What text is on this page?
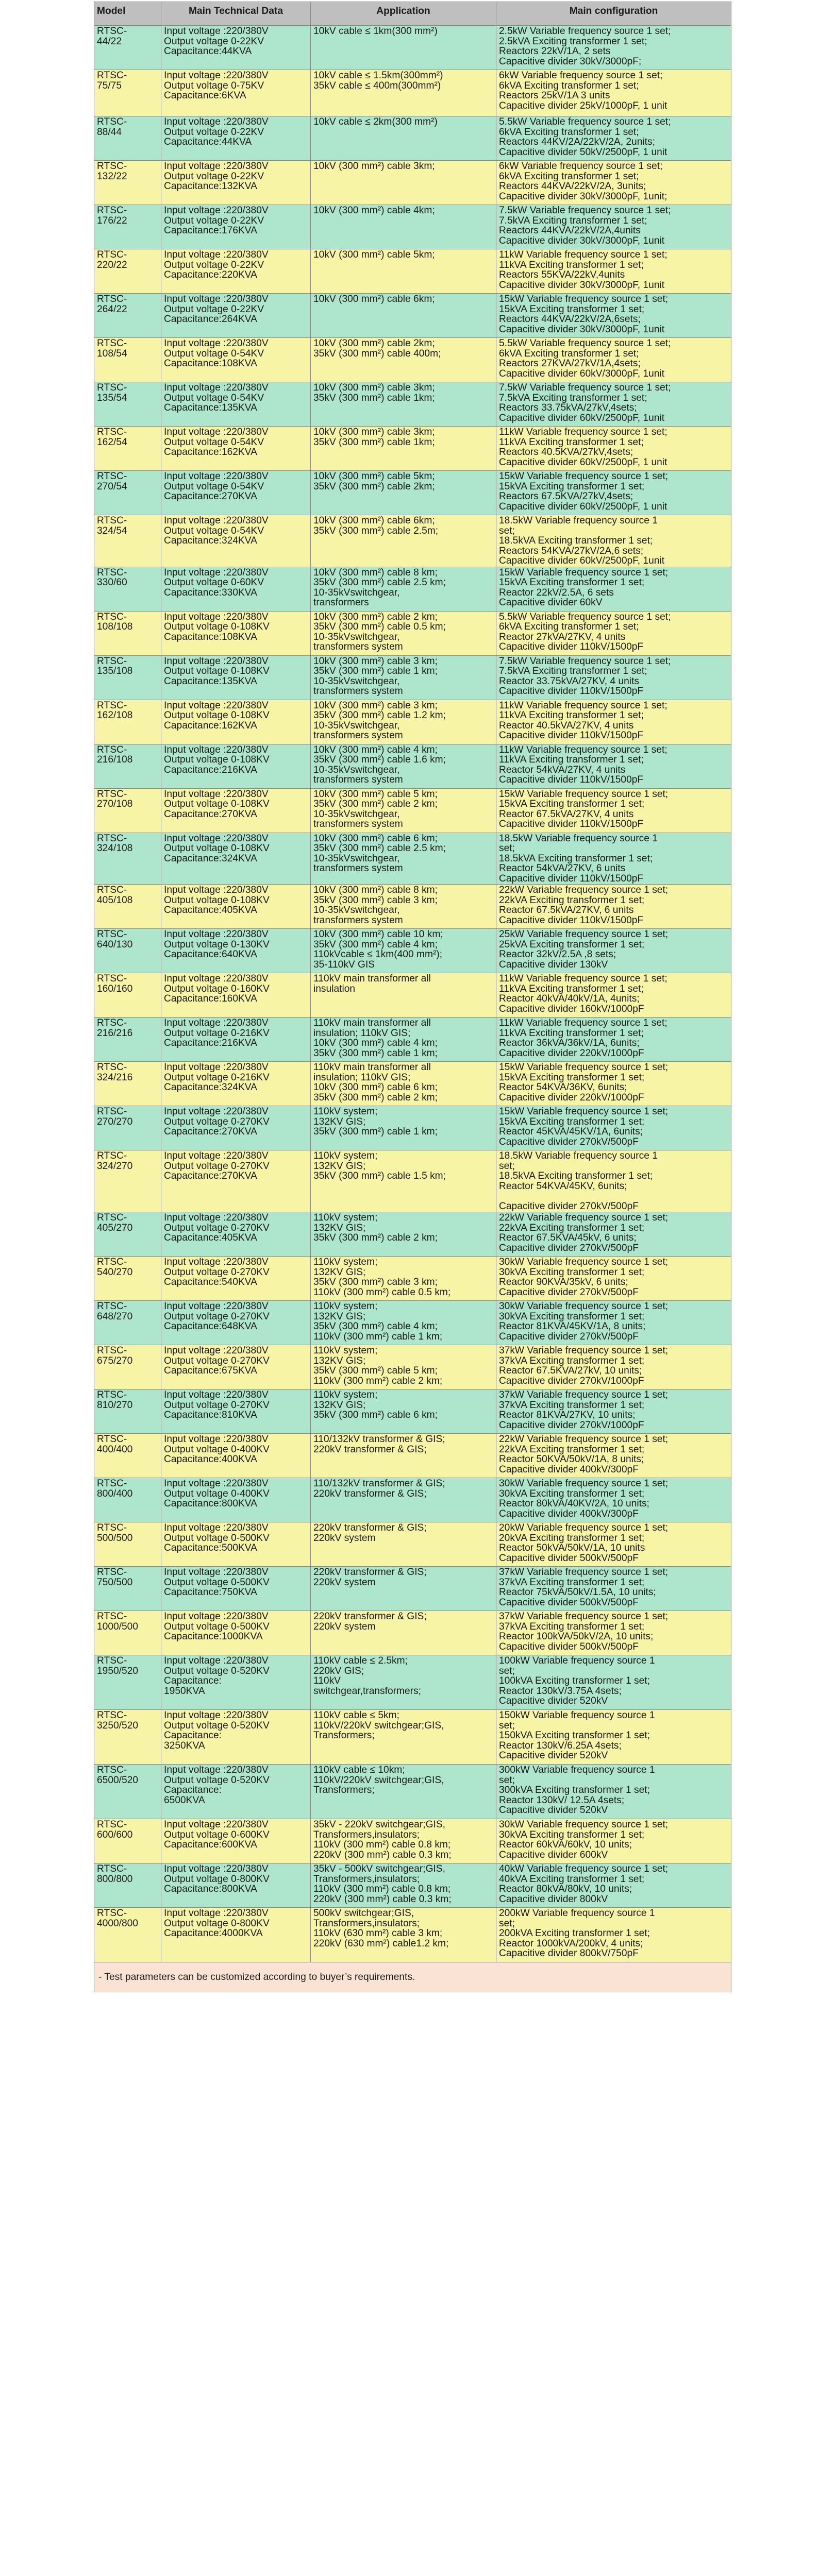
Model	Main Technical Data	Application	Main configuration

RTSC-
44/22	Input voltage :220/380V
Output voltage 0-22KV
Capacitance:44KVA	10kV cable ≤ 1km(300 mm²)	2.5kW Variable frequency source 1 set;
2.5kVA Exciting transformer 1 set;
Reactors 22kV/1A, 2 sets
Capacitive divider 30kV/3000pF;

RTSC-
75/75	Input voltage :220/380V
Output voltage 0-75KV
Capacitance:6KVA	10kV cable ≤ 1.5km(300mm²)
35kV cable ≤ 400m(300mm²)	6kW Variable frequency source 1 set;
6kVA Exciting transformer 1 set;
Reactors 25kV/1A 3 units
Capacitive divider 25kV/1000pF, 1 unit

RTSC-
88/44	Input voltage :220/380V
Output voltage 0-22KV
Capacitance:44KVA	10kV cable ≤ 2km(300 mm²)	5.5kW Variable frequency source 1 set;
6kVA Exciting transformer 1 set;
Reactors 44KV/2A/22kV/2A, 2units;
Capacitive divider 50kV/2500pF, 1 unit

RTSC-
132/22	Input voltage :220/380V
Output voltage 0-22KV
Capacitance:132KVA	10kV (300 mm²) cable 3km;	6kW Variable frequency source 1 set;
6kVA Exciting transformer 1 set;
Reactors 44KVA/22kV/2A, 3units;
Capacitive divider 30kV/3000pF, 1unit;

RTSC-
176/22	Input voltage :220/380V
Output voltage 0-22KV
Capacitance:176KVA	10kV (300 mm²) cable 4km;	7.5kW Variable frequency source 1 set;
7.5kVA Exciting transformer 1 set;
Reactors 44KVA/22kV/2A,4units
Capacitive divider 30kV/3000pF, 1unit

RTSC-
220/22	Input voltage :220/380V
Output voltage 0-22KV
Capacitance:220KVA	10kV (300 mm²) cable 5km;	11kW Variable frequency source 1 set;
11kVA Exciting transformer 1 set;
Reactors 55KVA/22kV,4units
Capacitive divider 30kV/3000pF, 1unit

RTSC-
264/22	Input voltage :220/380V
Output voltage 0-22KV
Capacitance:264KVA	10kV (300 mm²) cable 6km;	15kW Variable frequency source 1 set;
15kVA Exciting transformer 1 set;
Reactors 44KVA/22kV/2A,6sets;
Capacitive divider 30kV/3000pF, 1unit

RTSC-
108/54	Input voltage :220/380V
Output voltage 0-54KV
Capacitance:108KVA	10kV (300 mm²) cable 2km;
35kV (300 mm²) cable 400m;	5.5kW Variable frequency source 1 set;
6kVA Exciting transformer 1 set;
Reactors 27KVA/27kV/1A,4sets;
Capacitive divider 60kV/3000pF, 1unit

RTSC-
135/54	Input voltage :220/380V
Output voltage 0-54KV
Capacitance:135KVA	10kV (300 mm²) cable 3km;
35kV (300 mm²) cable 1km;	7.5kW Variable frequency source 1 set;
7.5kVA Exciting transformer 1 set;
Reactors 33.75kVA/27kV,4sets;
Capacitive divider 60kV/2500pF, 1unit

RTSC-
162/54	Input voltage :220/380V
Output voltage 0-54KV
Capacitance:162KVA	10kV (300 mm²) cable 3km;
35kV (300 mm²) cable 1km;	11kW Variable frequency source 1 set;
11kVA Exciting transformer 1 set;
Reactors 40.5KVA/27kV,4sets;
Capacitive divider 60kV/2500pF, 1 unit

RTSC-
270/54	Input voltage :220/380V
Output voltage 0-54KV
Capacitance:270KVA	10kV (300 mm²) cable 5km;
35kV (300 mm²) cable 2km;	15kW Variable frequency source 1 set;
15kVA Exciting transformer 1 set;
Reactors 67.5KVA/27kV,4sets;
Capacitive divider 60kV/2500pF, 1 unit

RTSC-
324/54	Input voltage :220/380V
Output voltage 0-54KV
Capacitance:324KVA	10kV (300 mm²) cable 6km;
35kV (300 mm²) cable 2.5m;	18.5kW Variable frequency source 1
set;
18.5kVA Exciting transformer 1 set;
Reactors 54KVA/27kV/2A,6 sets;
Capacitive divider 60kV/2500pF, 1unit

RTSC-
330/60	Input voltage :220/380V
Output voltage 0-60KV
Capacitance:330KVA	10kV (300 mm²) cable 8 km;
35kV (300 mm²) cable 2.5 km;
10-35kVswitchgear,
transformers	15kW Variable frequency source 1 set;
15kVA Exciting transformer 1 set;
Reactor 22kV/2.5A, 6 sets
Capacitive divider 60kV

RTSC-
108/108	Input voltage :220/380V
Output voltage 0-108KV
Capacitance:108KVA	10kV (300 mm²) cable 2 km;
35kV (300 mm²) cable 0.5 km;
10-35kVswitchgear,
transformers system	5.5kW Variable frequency source 1 set;
6kVA Exciting transformer 1 set;
Reactor 27kVA/27KV, 4 units
Capacitive divider 110kV/1500pF

RTSC-
135/108	Input voltage :220/380V
Output voltage 0-108KV
Capacitance:135KVA	10kV (300 mm²) cable 3 km;
35kV (300 mm²) cable 1 km;
10-35kVswitchgear,
transformers system	7.5kW Variable frequency source 1 set;
7.5kVA Exciting transformer 1 set;
Reactor 33.75kVA/27KV, 4 units
Capacitive divider 110kV/1500pF

RTSC-
162/108	Input voltage :220/380V
Output voltage 0-108KV
Capacitance:162KVA	10kV (300 mm²) cable 3 km;
35kV (300 mm²) cable 1.2 km;
10-35kVswitchgear,
transformers system	11kW Variable frequency source 1 set;
11kVA Exciting transformer 1 set;
Reactor 40.5kVA/27KV, 4 units
Capacitive divider 110kV/1500pF

RTSC-
216/108	Input voltage :220/380V
Output voltage 0-108KV
Capacitance:216KVA	10kV (300 mm²) cable 4 km;
35kV (300 mm²) cable 1.6 km;
10-35kVswitchgear,
transformers system	11kW Variable frequency source 1 set;
11kVA Exciting transformer 1 set;
Reactor 54kVA/27KV, 4 units
Capacitive divider 110kV/1500pF

RTSC-
270/108	Input voltage :220/380V
Output voltage 0-108KV
Capacitance:270KVA	10kV (300 mm²) cable 5 km;
35kV (300 mm²) cable 2 km;
10-35kVswitchgear,
transformers system	15kW Variable frequency source 1 set;
15kVA Exciting transformer 1 set;
Reactor 67.5kVA/27KV, 4 units
Capacitive divider 110kV/1500pF

RTSC-
324/108	Input voltage :220/380V
Output voltage 0-108KV
Capacitance:324KVA	10kV (300 mm²) cable 6 km;
35kV (300 mm²) cable 2.5 km;
10-35kVswitchgear,
transformers system	18.5kW Variable frequency source 1
set;
18.5kVA Exciting transformer 1 set;
Reactor 54kVA/27KV, 6 units
Capacitive divider 110kV/1500pF

RTSC-
405/108	Input voltage :220/380V
Output voltage 0-108KV
Capacitance:405KVA	10kV (300 mm²) cable 8 km;
35kV (300 mm²) cable 3 km;
10-35kVswitchgear,
transformers system	22kW Variable frequency source 1 set;
22kVA Exciting transformer 1 set;
Reactor 67.5kVA/27KV, 6 units
Capacitive divider 110kV/1500pF

RTSC-
640/130	Input voltage :220/380V
Output voltage 0-130KV
Capacitance:640KVA	10kV (300 mm²) cable 10 km;
35kV (300 mm²) cable 4 km;
110kVcable ≤ 1km(400 mm²);
35-110kV GIS	25kW Variable frequency source 1 set;
25kVA Exciting transformer 1 set;
Reactor 32kV/2.5A ,8 sets;
Capacitive divider 130kV

RTSC-
160/160	Input voltage :220/380V
Output voltage 0-160KV
Capacitance:160KVA	110kV main transformer all
insulation	11kW Variable frequency source 1 set;
11kVA Exciting transformer 1 set;
Reactor 40kVA/40kV/1A, 4units;
Capacitive divider 160kV/1000pF

RTSC-
216/216	Input voltage :220/380V
Output voltage 0-216KV
Capacitance:216KVA	110kV main transformer all
insulation; 110kV GIS;
10kV (300 mm²) cable 4 km;
35kV (300 mm²) cable 1 km;	11kW Variable frequency source 1 set;
11kVA Exciting transformer 1 set;
Reactor 36kVA/36kV/1A, 6units;
Capacitive divider 220kV/1000pF

RTSC-
324/216	Input voltage :220/380V
Output voltage 0-216KV
Capacitance:324KVA	110kV main transformer all
insulation; 110kV GIS;
10kV (300 mm²) cable 6 km;
35kV (300 mm²) cable 2 km;	15kW Variable frequency source 1 set;
15kVA Exciting transformer 1 set;
Reactor 54KVA/36KV, 6units;
Capacitive divider 220kV/1000pF

RTSC-
270/270	Input voltage :220/380V
Output voltage 0-270KV
Capacitance:270KVA	110kV system;
132KV GIS;
35kV (300 mm²) cable 1 km;	15kW Variable frequency source 1 set;
15kVA Exciting transformer 1 set;
Reactor 45KVA/45KV/1A, 6units;
Capacitive divider 270kV/500pF

RTSC-
324/270	Input voltage :220/380V
Output voltage 0-270KV
Capacitance:270KVA	110kV system;
132KV GIS;
35kV (300 mm²) cable 1.5 km;	18.5kW Variable frequency source 1
set;
18.5kVA Exciting transformer 1 set;
Reactor 54KVA/45KV, 6units;

Capacitive divider 270kV/500pF

RTSC-
405/270	Input voltage :220/380V
Output voltage 0-270KV
Capacitance:405KVA	110kV system;
132KV GIS;
35kV (300 mm²) cable 2 km;	22kW Variable frequency source 1 set;
22kVA Exciting transformer 1 set;
Reactor 67.5KVA/45kV, 6 units;
Capacitive divider 270kV/500pF

RTSC-
540/270	Input voltage :220/380V
Output voltage 0-270KV
Capacitance:540KVA	110kV system;
132KV GIS;
35kV (300 mm²) cable 3 km;
110kV (300 mm²) cable 0.5 km;	30kW Variable frequency source 1 set;
30kVA Exciting transformer 1 set;
Reactor 90KVA/35kV, 6 units;
Capacitive divider 270kV/500pF

RTSC-
648/270	Input voltage :220/380V
Output voltage 0-270KV
Capacitance:648KVA	110kV system;
132KV GIS;
35kV (300 mm²) cable 4 km;
110kV (300 mm²) cable 1 km;	30kW Variable frequency source 1 set;
30kVA Exciting transformer 1 set;
Reactor 81KVA/45KV/1A, 8 units;
Capacitive divider 270kV/500pF

RTSC-
675/270	Input voltage :220/380V
Output voltage 0-270KV
Capacitance:675KVA	110kV system;
132KV GIS;
35kV (300 mm²) cable 5 km;
110kV (300 mm²) cable 2 km;	37kW Variable frequency source 1 set;
37kVA Exciting transformer 1 set;
Reactor 67.5KVA/27kV, 10 units;
Capacitive divider 270kV/1000pF

RTSC-
810/270	Input voltage :220/380V
Output voltage 0-270KV
Capacitance:810KVA	110kV system;
132KV GIS;
35kV (300 mm²) cable 6 km;	37kW Variable frequency source 1 set;
37kVA Exciting transformer 1 set;
Reactor 81KVA/27KV, 10 units;
Capacitive divider 270kV/1000pF

RTSC-
400/400	Input voltage :220/380V
Output voltage 0-400KV
Capacitance:400KVA	110/132kV transformer & GIS;
220kV transformer & GIS;	22kW Variable frequency source 1 set;
22kVA Exciting transformer 1 set;
Reactor 50KVA/50kV/1A, 8 units;
Capacitive divider 400kV/300pF

RTSC-
800/400	Input voltage :220/380V
Output voltage 0-400KV
Capacitance:800KVA	110/132kV transformer & GIS;
220kV transformer & GIS;	30kW Variable frequency source 1 set;
30kVA Exciting transformer 1 set;
Reactor 80kVA/40KV/2A, 10 units;
Capacitive divider 400kV/300pF

RTSC-
500/500	Input voltage :220/380V
Output voltage 0-500KV
Capacitance:500KVA	220kV transformer & GIS;
220kV system	20kW Variable frequency source 1 set;
20kVA Exciting transformer 1 set;
Reactor 50kVA/50kV/1A, 10 units
Capacitive divider 500kV/500pF

RTSC-
750/500	Input voltage :220/380V
Output voltage 0-500KV
Capacitance:750KVA	220kV transformer & GIS;
220kV system	37kW Variable frequency source 1 set;
37kVA Exciting transformer 1 set;
Reactor 75kVA/50kV/1.5A, 10 units;
Capacitive divider 500kV/500pF

RTSC-
1000/500	Input voltage :220/380V
Output voltage 0-500KV
Capacitance:1000KVA	220kV transformer & GIS;
220kV system	37kW Variable frequency source 1 set;
37kVA Exciting transformer 1 set;
Reactor 100kVA/50kV/2A, 10 units;
Capacitive divider 500kV/500pF

RTSC-
1950/520	Input voltage :220/380V
Output voltage 0-520KV
Capacitance:
1950KVA	110kV cable ≤ 2.5km;
220kV GIS;
110kV
switchgear,transformers;	100kW Variable frequency source 1
set;
100kVA Exciting transformer 1 set;
Reactor 130kV/3.75A 4sets;
Capacitive divider 520kV

RTSC-
3250/520	Input voltage :220/380V
Output voltage 0-520KV
Capacitance:
3250KVA	110kV cable ≤ 5km;
110kV/220kV switchgear;GIS,
Transformers;	150kW Variable frequency source 1
set;
150kVA Exciting transformer 1 set;
Reactor 130kV/6.25A 4sets;
Capacitive divider 520kV

RTSC-
6500/520	Input voltage :220/380V
Output voltage 0-520KV
Capacitance:
6500KVA	110kV cable ≤ 10km;
110kV/220kV switchgear;GIS,
Transformers;	300kW Variable frequency source 1
set;
300kVA Exciting transformer 1 set;
Reactor 130kV/ 12.5A 4sets;
Capacitive divider 520kV

RTSC-
600/600	Input voltage :220/380V
Output voltage 0-600KV
Capacitance:600KVA	35kV - 220kV switchgear;GIS,
Transformers,insulators;
110kV (300 mm²) cable 0.8 km;
220kV (300 mm²) cable 0.3 km;	30kW Variable frequency source 1 set;
30kVA Exciting transformer 1 set;
Reactor 60kVA/60kV, 10 units;
Capacitive divider 600kV

RTSC-
800/800	Input voltage :220/380V
Output voltage 0-800KV
Capacitance:800KVA	35kV - 500kV switchgear;GIS,
Transformers,insulators;
110kV (300 mm²) cable 0.8 km;
220kV (300 mm²) cable 0.3 km;	40kW Variable frequency source 1 set;
40kVA Exciting transformer 1 set;
Reactor 80kVA/80kV, 10 units;
Capacitive divider 800kV

RTSC-
4000/800	Input voltage :220/380V
Output voltage 0-800KV
Capacitance:4000KVA	500kV switchgear;GIS,
Transformers,insulators;
110kV (630 mm²) cable 3 km;
220kV (630 mm²) cable1.2 km;	200kW Variable frequency source 1
set;
200kVA Exciting transformer 1 set;
Reactor 1000kVA/200kV, 4 units;
Capacitive divider 800kV/750pF

- Test parameters can be customized according to buyer’s requirements.			
